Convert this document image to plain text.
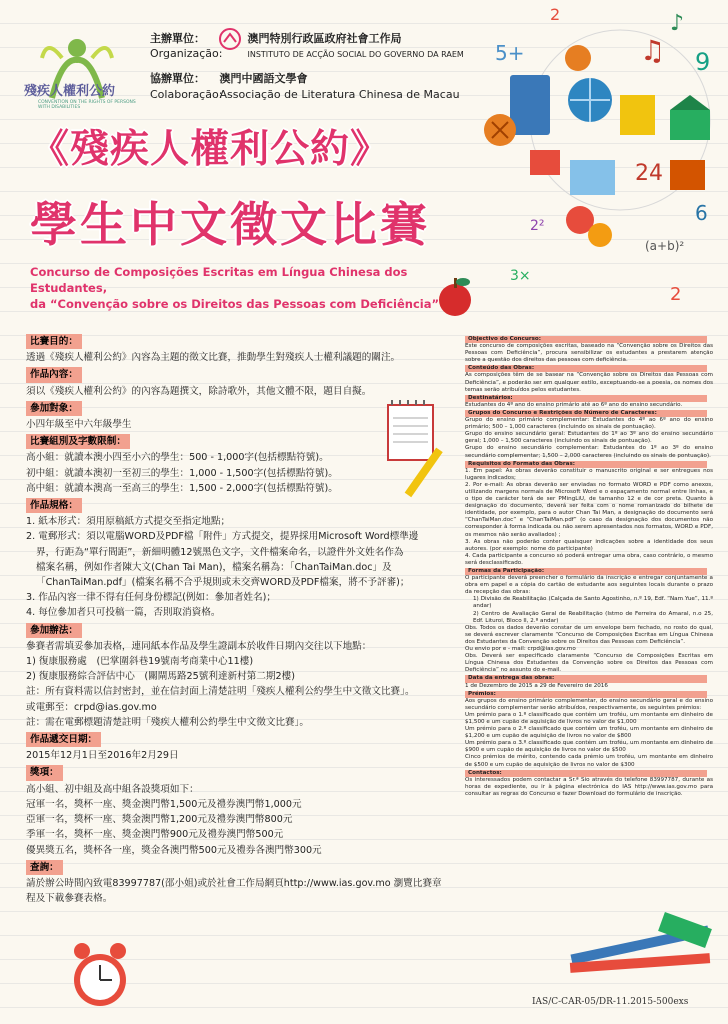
5+
2	♪
♫ 9
24
2²
(a+b)²
6
3×
2
殘疾人權利公約
CONVENTION ON THE RIGHTS OF PERSONS WITH DISABILITIES
主辦單位：	澳門特別行政區政府社會工作局
Organização:	INSTITUTO DE ACÇÃO SOCIAL DO GOVERNO DA RAEM
協辦單位： 澳門中國語文學會
Colaboração: Associação de Literatura Chinesa de Macau
《殘疾人權利公約》
學生中文徵文比賽
Concurso de Composições Escritas em Língua Chinesa dos Estudantes,
da “Convenção sobre os Direitos das Pessoas com Deficiência”
比賽目的：
透過《殘疾人權利公約》內容為主題的徵文比賽，推動學生對殘疾人士權利議題的關注。
作品內容：
須以《殘疾人權利公約》的內容為題撰文，除詩歌外，其他文體不限，題目自擬。
參加對象：
小四年級至中六年級學生
比賽組別及字數限制：
高小組：就讀本澳小四至小六的學生：500 - 1,000字(包括標點符號)。
初中組：就讀本澳初一至初三的學生：1,000 - 1,500字(包括標點符號)。
高中組：就讀本澳高一至高三的學生：1,500 - 2,000字(包括標點符號)。
作品規格：
1. 紙本形式：須用原稿紙方式提交至指定地點；
2. 電郵形式：須以電腦WORD及PDF檔「附件」方式提交，提界採用Microsoft Word標準邊
界，行距為“單行間距”，新細明體12號黑色文字，文件檔案命名，以證件外文姓名作為
檔案名稱，例如作者陳大文(Chan Tai Man)，檔案名稱為：「ChanTaiMan.doc」及
「ChanTaiMan.pdf」(檔案名稱不合乎規則或未交齊WORD及PDF檔案，將不予評審)；
3. 作品內容一律不得有任何身份標記(例如：參加者姓名)；
4. 每位參加者只可投稿一篇，否則取消資格。
參加辦法：
參賽者需填妥參加表格，連同紙本作品及學生證副本於收件日期內交往以下地點：
1) 復康服務處　(巴掌圍斜巷19號南考商業中心11樓)
2) 復康服務綜合評估中心　(關閘馬路25號利達新村第二期2樓)
註：所有資料需以信封密封，並在信封面上清楚註明「殘疾人權利公約學生中文徵文比賽」。
或電郵至：crpd@ias.gov.mo
註：需在電郵標題清楚註明「殘疾人權利公約學生中文徵文比賽」。
作品遞交日期：
2015年12月1日至2016年2月29日
獎項：
高小組、初中組及高中組各設獎項如下：
冠軍一名，獎杯一座、獎金澳門幣1,500元及禮券澳門幣1,000元
亞軍一名，獎杯一座、獎金澳門幣1,200元及禮券澳門幣800元
季軍一名，獎杯一座、獎金澳門幣900元及禮券澳門幣500元
優異獎五名，獎杯各一座，獎金各澳門幣500元及禮券各澳門幣300元
查詢：
請於辦公時間內致電83997787(邵小姐)或於社會工作局網頁http://www.ias.gov.mo 瀏覽比賽章
程及下載參賽表格。
Objectivo do Concurso:
Este concurso de composições escritas, baseado na “Convenção sobre os Direitos das Pessoas com Deficiência”, procura sensibilizar os estudantes a prestarem atenção sobre a questão dos direitos das pessoas com deficiência.
Conteúdo das Obras:
As composições têm de se basear na “Convenção sobre os Direitos das Pessoas com Deficiência”, e poderão ser em qualquer estilo, exceptuando-se a poesia, os nomes dos temas serão atribuídos pelos estudantes.
Destinatários:
Estudantes do 4º ano do ensino primário até ao 6º ano do ensino secundário.
Grupos do Concurso e Restrições do Número de Caracteres:
Grupo do ensino primário complementar: Estudantes do 4º ao 6º ano do ensino primário; 500 – 1,000 caracteres (incluindo os sinais de pontuação).
Grupo do ensino secundário geral: Estudantes do 1º ao 3º ano do ensino secundário geral; 1,000 – 1,500 caracteres (incluindo os sinais de pontuação).
Grupo do ensino secundário complementar: Estudantes do 1º ao 3º do ensino secundário complementar; 1,500 – 2,000 caracteres (incluindo os sinais de pontuação).
Requisitos do Formato das Obras:
1. Em papel: As obras deverão constituir o manuscrito original e ser entregues nos lugares indicados;
2. Por e-mail: As obras deverão ser enviadas no formato WORD e PDF como anexos, utilizando margens normais de Microsoft Word e o espaçamento normal entre linhas, e o tipo de carácter terá de ser PMingLiU, de tamanho 12 e de cor preta. Quanto à designação do documento, deverá ser feita com o nome romanizado do bilhete de identidade, por exemplo, para o autor Chan Tai Man, a designação do documento será “ChanTaiMan.doc” e “ChanTaiMan.pdf” (o caso da designação dos documentos não corresponder à forma indicada ou não serem apresentados nos formatos, WORD e PDF, os mesmos não serão avaliados) ;
3. As obras não poderão conter quaisquer indicações sobre a identidade dos seus autores. (por exemplo: nome do participante)
4. Cada participante a concurso só poderá entregar uma obra, caso contrário, o mesmo será desclassificado.
Formas da Participação:
O participante deverá preencher o formulário da inscrição e entregar conjuntamente a obra em papel e a cópia do cartão de estudante aos seguintes locais durante o prazo da recepção das obras:
1) Divisão de Reabilitação (Calçada de Santo Agostinho, n.º 19, Edf. “Nam Yue”, 11.º andar)
2) Centro de Avaliação Geral de Reabilitação (Istmo de Ferreira do Amaral, n.o 25, Edf. Lituroi, Bloco II, 2.º andar)
Obs. Todos os dados deverão constar de um envelope bem fechado, no rosto do qual, se deverá escrever claramente “Concurso de Composições Escritas em Língua Chinesa dos Estudantes da Convenção sobre os Direitos das Pessoas com Deficiência”.
Ou envio por e - mail: crpd@ias.gov.mo
Obs. Deverá ser especificado claramente “Concurso de Composições Escritas em Língua Chinesa dos Estudantes da Convenção sobre os Direitos das Pessoas com Deficiência” no assunto do e-mail.
Data da entrega das obras:
1 de Dezembro de 2015 a 29 de Fevereiro de 2016
Prémios:
Aos grupos do ensino primário complementar, do ensino secundário geral e do ensino secundário complementar serão atribuídos, respectivamente, os seguintes prémios:
Um prémio para o 1.º classificado que contém um troféu, um montante em dinheiro de $1,500 e um cupão de aquisição de livros no valor de $1,000
Um prémio para o 2.º classificado que contém um troféu, um montante em dinheiro de $1,200 e um cupão de aquisição de livros no valor de $800
Um prémio para o 3.º classificado que contém um troféu, um montante em dinheiro de $900 e um cupão de aquisição de livros no valor de $500
Cinco prémios de mérito, contendo cada prémio um troféu, um montante em dinheiro de $500 e um cupão de aquisição de livros no valor de $300
Contactos:
Os interessados podem contactar a Sr.ª Sio através do telefone 83997787, durante as horas de expediente, ou ir à página electrónica do IAS http://www.ias.gov.mo para consultar as regras do Concurso e fazer Download do formulário de inscrição.
IAS/C-CAR-05/DR-11.2015-500exs
